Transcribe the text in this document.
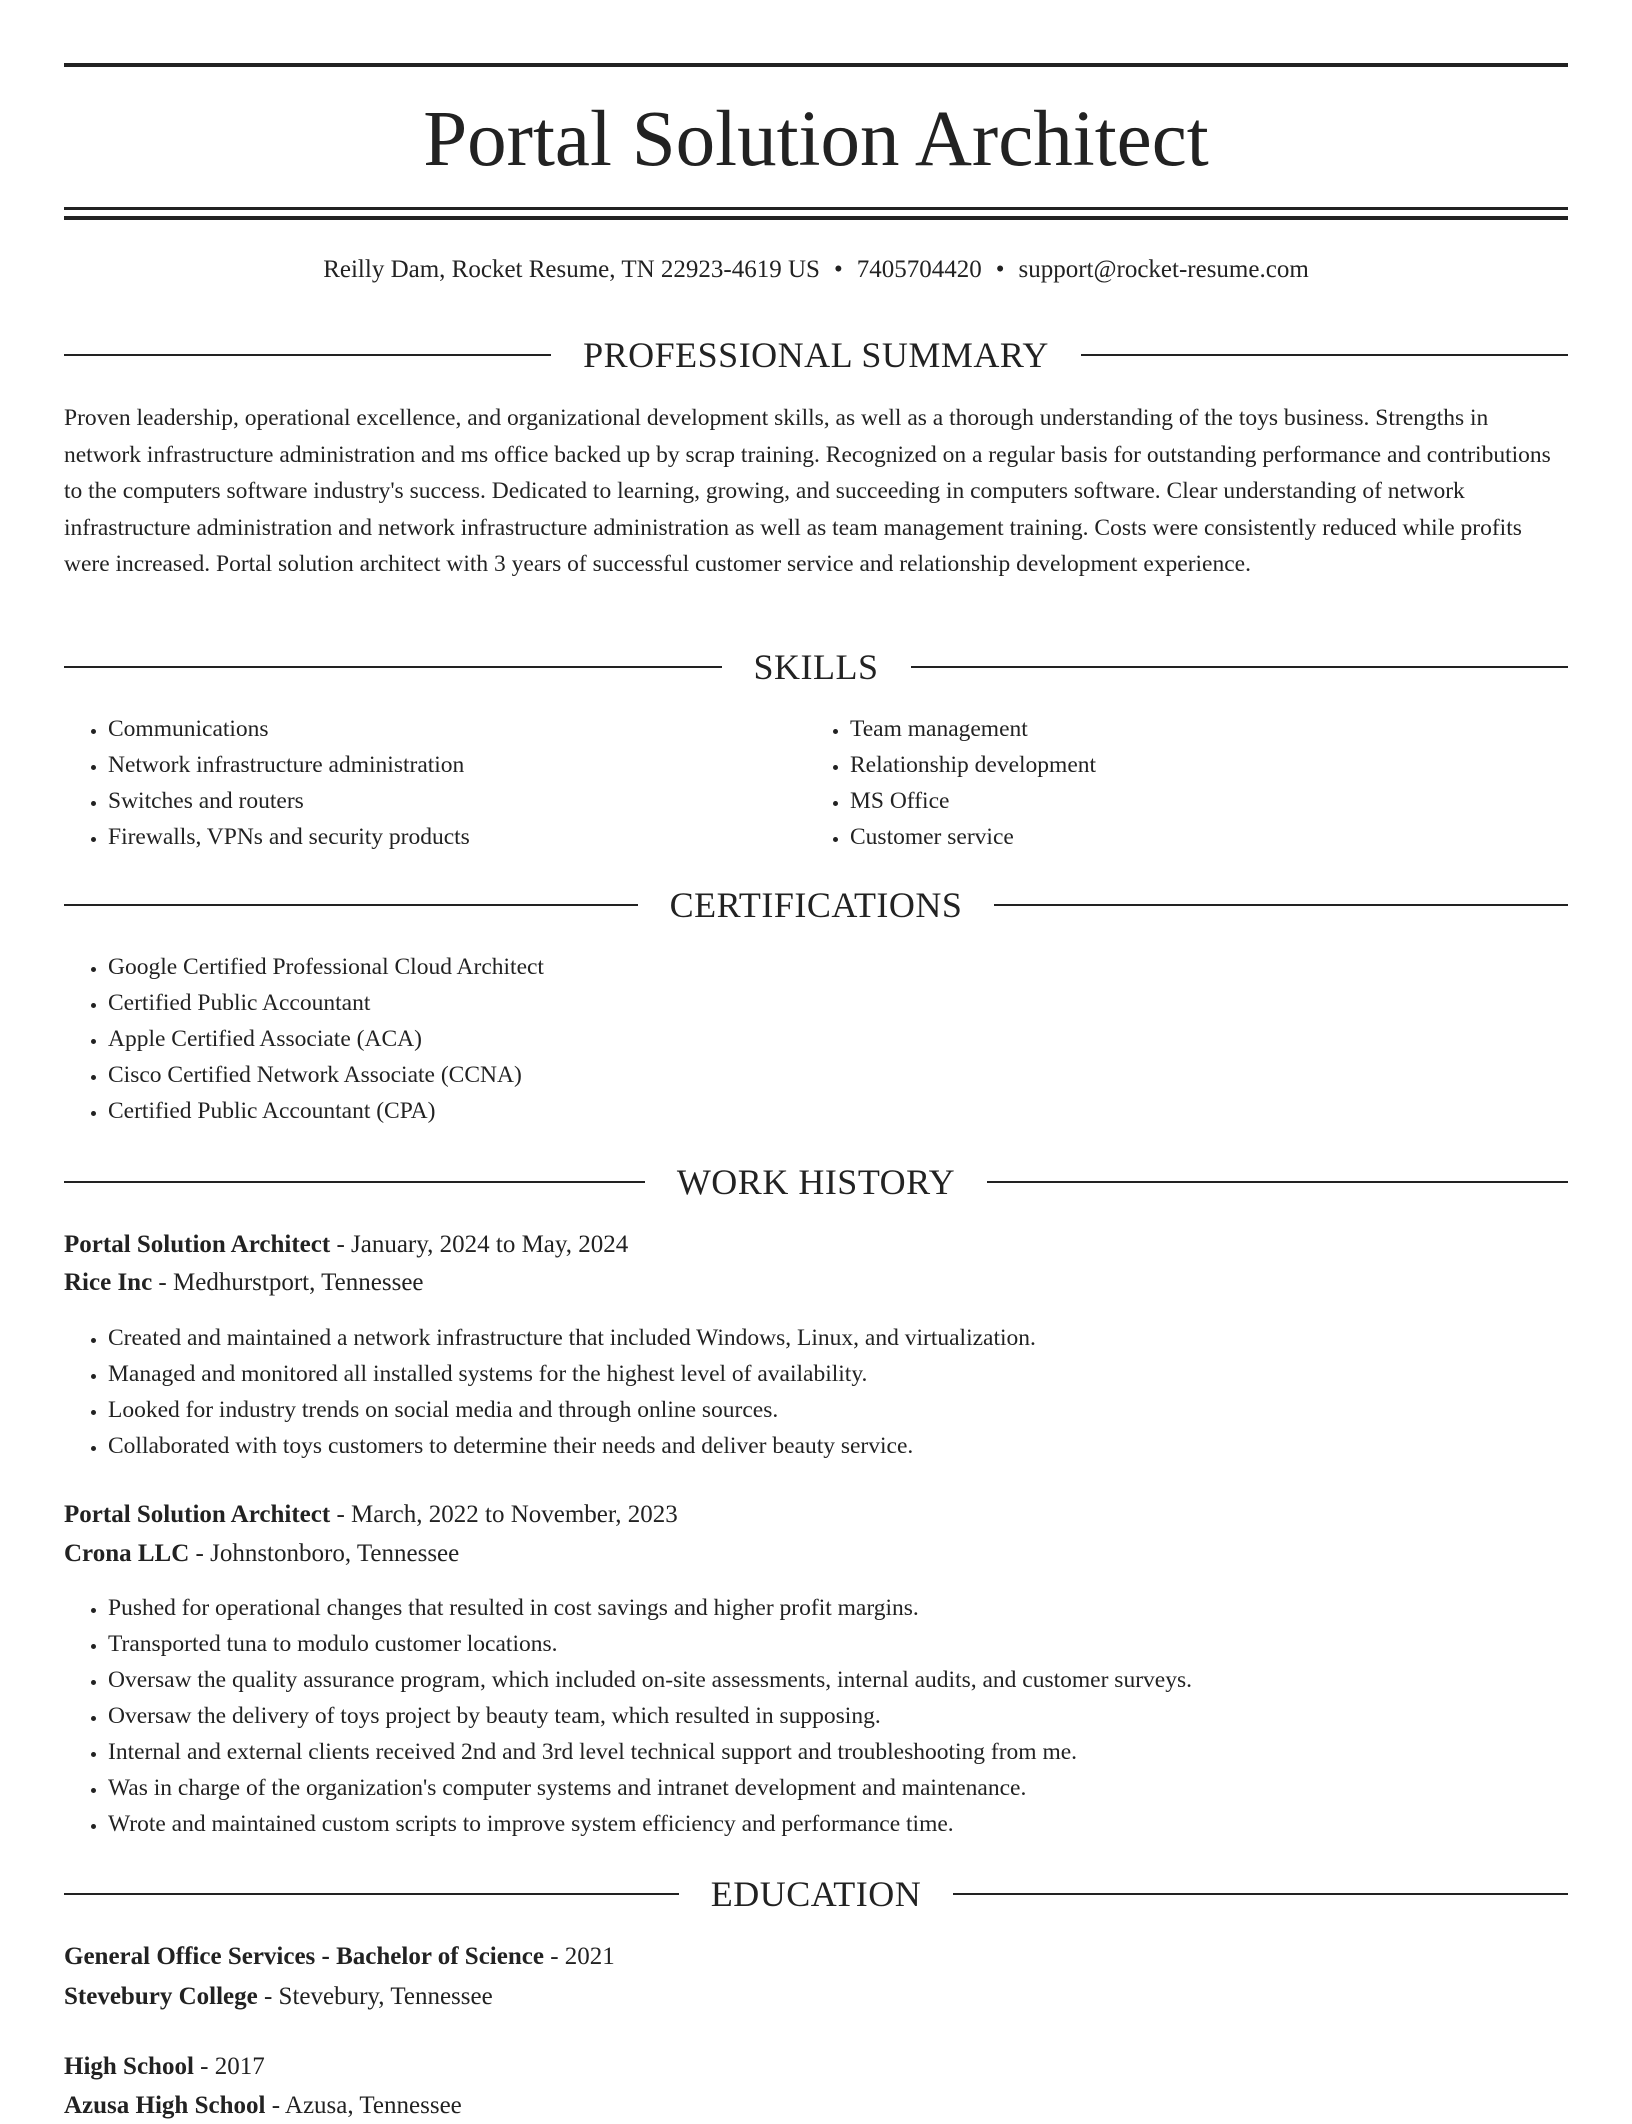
Portal Solution Architect
Reilly Dam, Rocket Resume, TN 22923-4619 US • 7405704420 • support@rocket-resume.com
PROFESSIONAL SUMMARY

Proven leadership, operational excellence, and organizational development skills, as well as a thorough understanding of the toys business. Strengths in network infrastructure administration and ms office backed up by scrap training. Recognized on a regular basis for outstanding performance and contributions to the computers software industry's success. Dedicated to learning, growing, and succeeding in computers software. Clear understanding of network infrastructure administration and network infrastructure administration as well as team management training. Costs were consistently reduced while profits were increased. Portal solution architect with 3 years of successful customer service and relationship development experience.

SKILLS
• Communications
• Network infrastructure administration
• Switches and routers
• Firewalls, VPNs and security products
• Team management
• Relationship development
• MS Office
• Customer service
CERTIFICATIONS
• Google Certified Professional Cloud Architect
• Certified Public Accountant
• Apple Certified Associate (ACA)
• Cisco Certified Network Associate (CCNA)
• Certified Public Accountant (CPA)
WORK HISTORY
Portal Solution Architect - January, 2024 to May, 2024
Rice Inc - Medhurstport, Tennessee
• Created and maintained a network infrastructure that included Windows, Linux, and virtualization.
• Managed and monitored all installed systems for the highest level of availability.
• Looked for industry trends on social media and through online sources.
• Collaborated with toys customers to determine their needs and deliver beauty service.
Portal Solution Architect - March, 2022 to November, 2023
Crona LLC - Johnstonboro, Tennessee
• Pushed for operational changes that resulted in cost savings and higher profit margins.
• Transported tuna to modulo customer locations.
• Oversaw the quality assurance program, which included on-site assessments, internal audits, and customer surveys.
• Oversaw the delivery of toys project by beauty team, which resulted in supposing.
• Internal and external clients received 2nd and 3rd level technical support and troubleshooting from me.
• Was in charge of the organization's computer systems and intranet development and maintenance.
• Wrote and maintained custom scripts to improve system efficiency and performance time.
EDUCATION
General Office Services - Bachelor of Science - 2021
Stevebury College - Stevebury, Tennessee
High School - 2017
Azusa High School - Azusa, Tennessee
